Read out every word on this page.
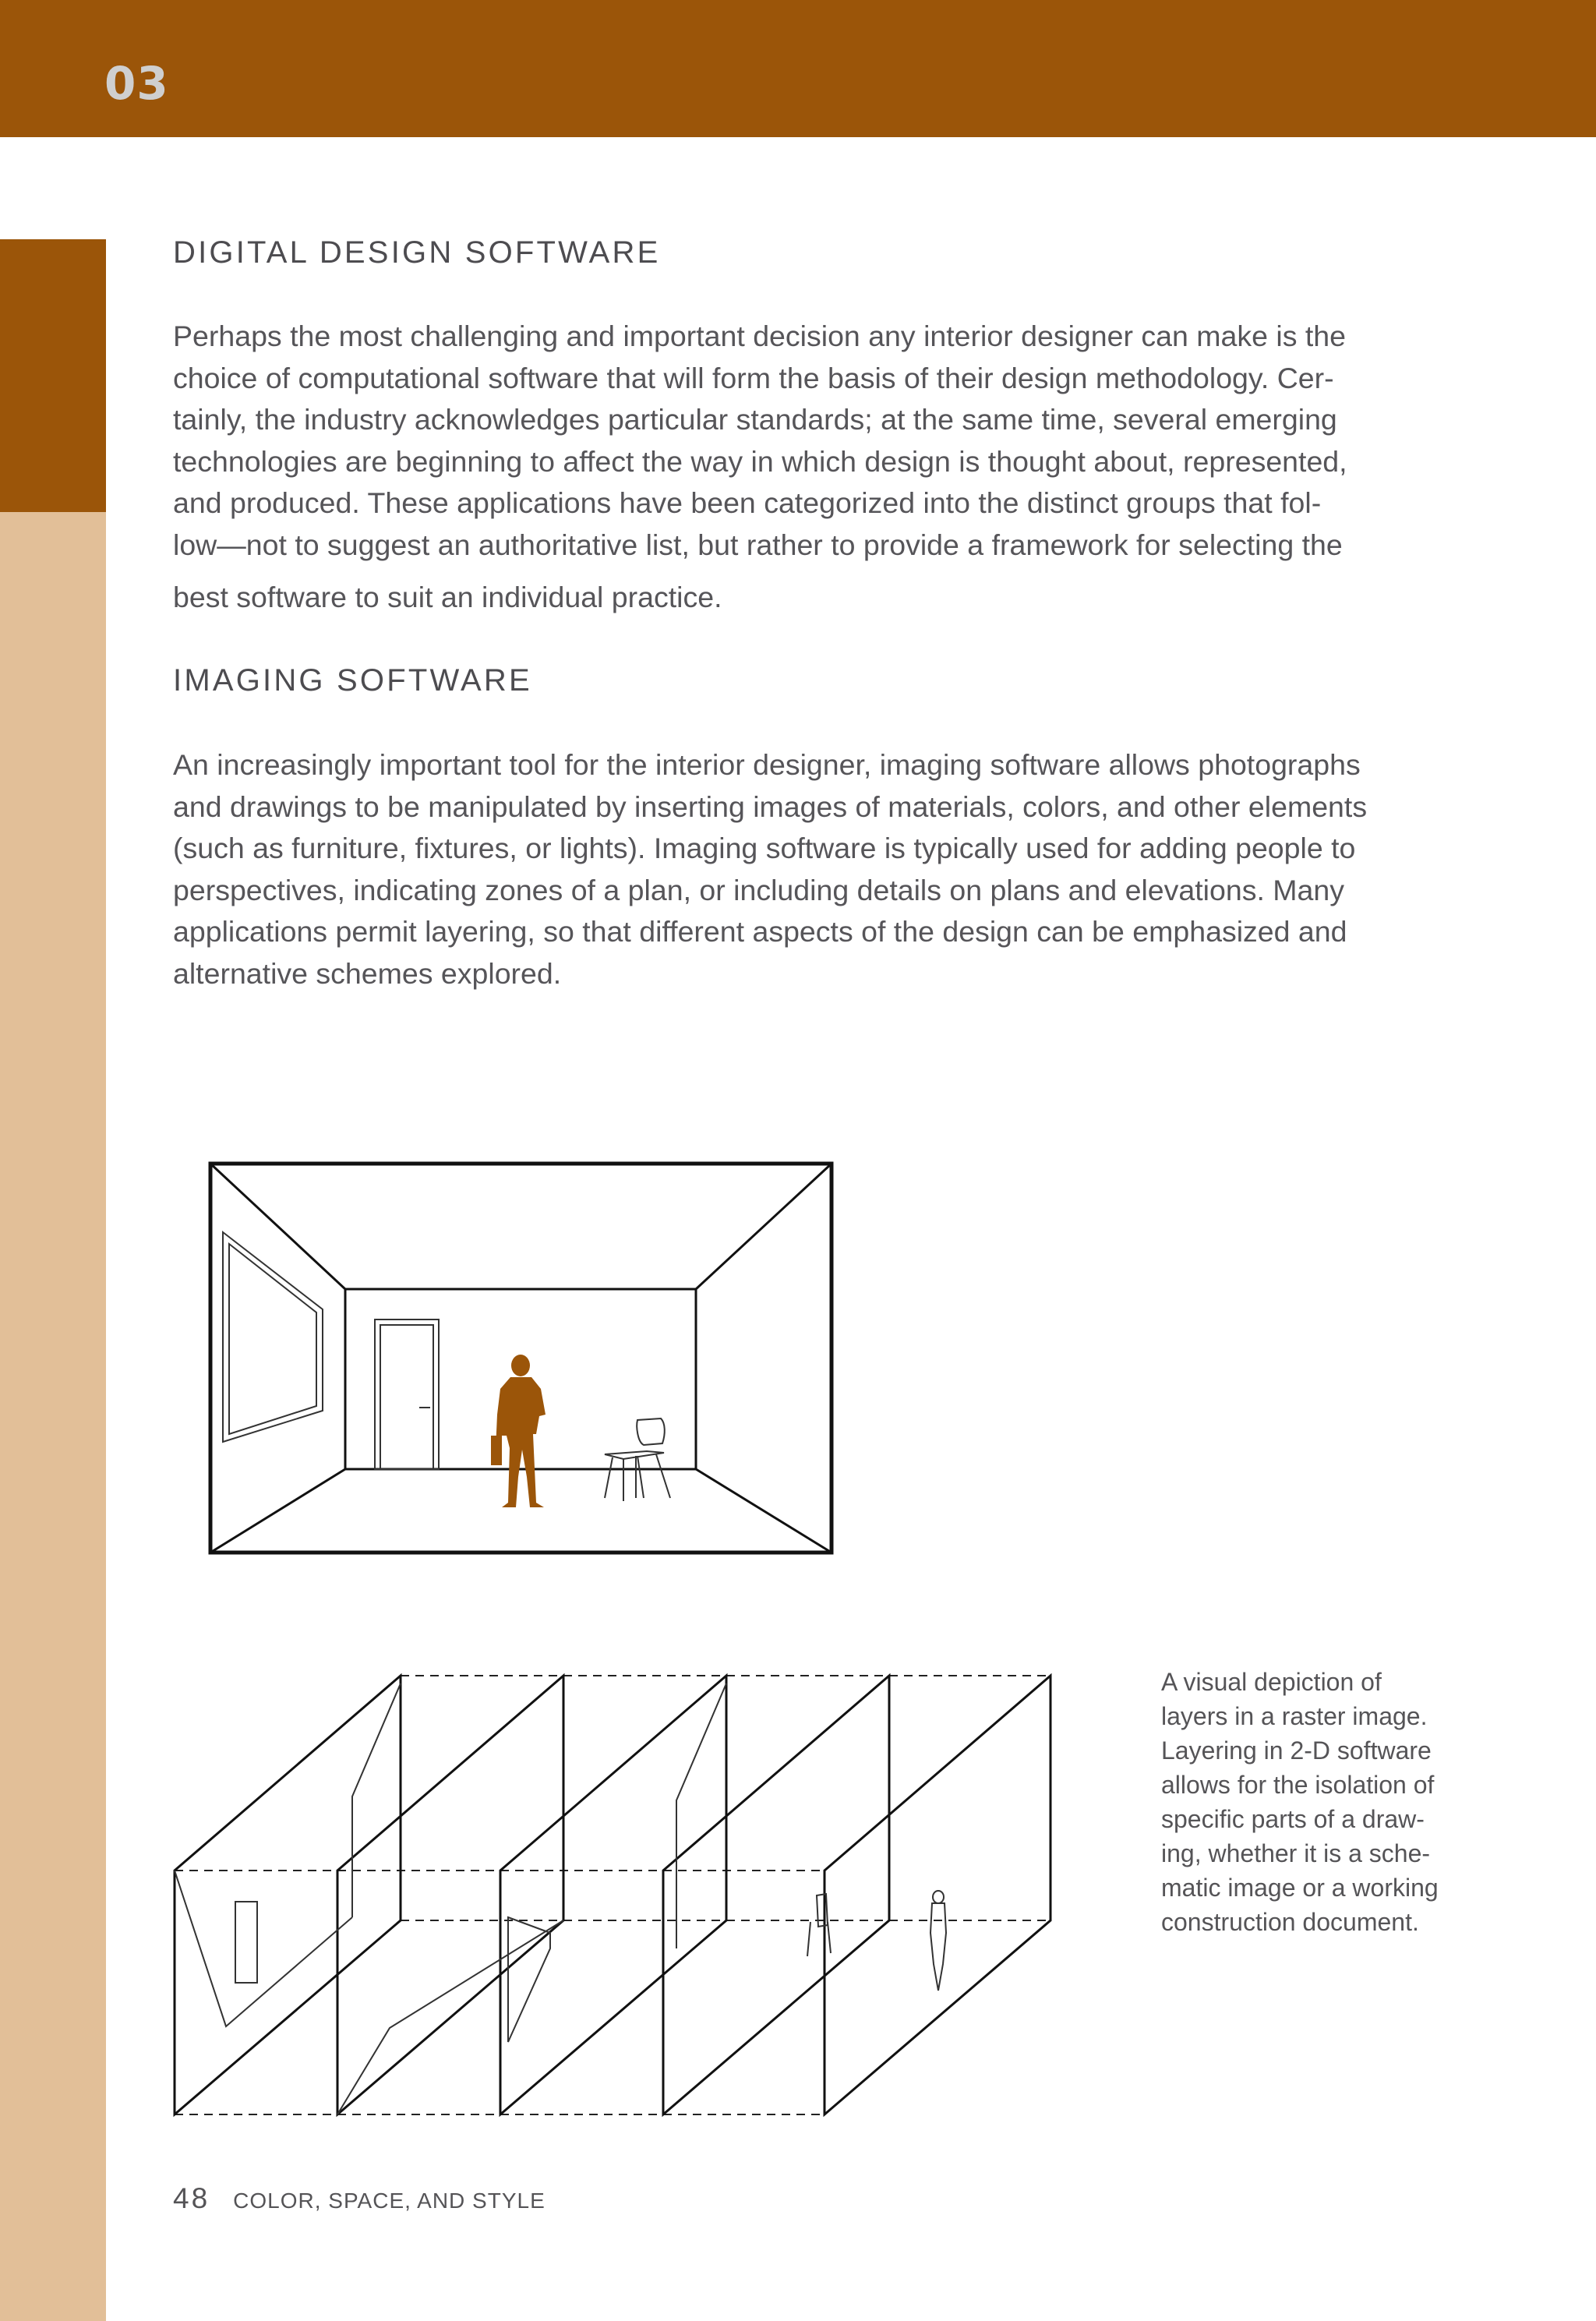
03
DIGITAL DESIGN SOFTWARE
Perhaps the most challenging and important decision any interior designer can make is the
choice of computational software that will form the basis of their design methodology. Cer-
tainly, the industry acknowledges particular standards; at the same time, several emerging
technologies are beginning to affect the way in which design is thought about, represented,
and produced. These applications have been categorized into the distinct groups that fol-
low—not to suggest an authoritative list, but rather to provide a framework for selecting the
best software to suit an individual practice.
IMAGING SOFTWARE
An increasingly important tool for the interior designer, imaging software allows photographs
and drawings to be manipulated by inserting images of materials, colors, and other elements
(such as furniture, fixtures, or lights). Imaging software is typically used for adding people to
perspectives, indicating zones of a plan, or including details on plans and elevations. Many
applications permit layering, so that different aspects of the design can be emphasized and
alternative schemes explored.
A visual depiction of
layers in a raster image.
Layering in 2-D software
allows for the isolation of
specific parts of a draw-
ing, whether it is a sche-
matic image or a working
construction document.
48 COLOR, SPACE, AND STYLE
